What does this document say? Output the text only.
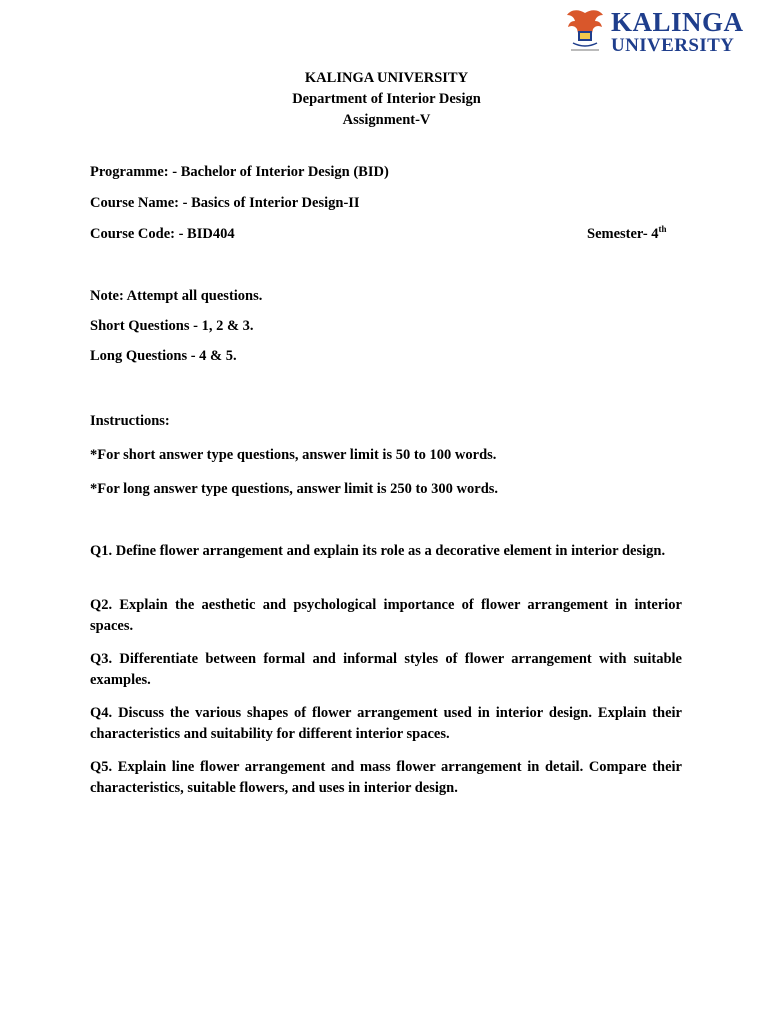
KALINGA
UNIVERSITY
KALINGA UNIVERSITY
Department of Interior Design
Assignment-V
Programme: - Bachelor of Interior Design (BID)
Course Name: - Basics of Interior Design-II
Course Code: - BID404	Semester- 4th
Note: Attempt all questions.
Short Questions - 1, 2 & 3.
Long Questions - 4 & 5.
Instructions:
*For short answer type questions, answer limit is 50 to 100 words.
*For long answer type questions, answer limit is 250 to 300 words.
Q1. Define flower arrangement and explain its role as a decorative element in interior design.
Q2. Explain the aesthetic and psychological importance of flower arrangement in interior spaces.
Q3. Differentiate between formal and informal styles of flower arrangement with suitable examples.
Q4. Discuss the various shapes of flower arrangement used in interior design. Explain their characteristics and suitability for different interior spaces.
Q5. Explain line flower arrangement and mass flower arrangement in detail. Compare their characteristics, suitable flowers, and uses in interior design.
